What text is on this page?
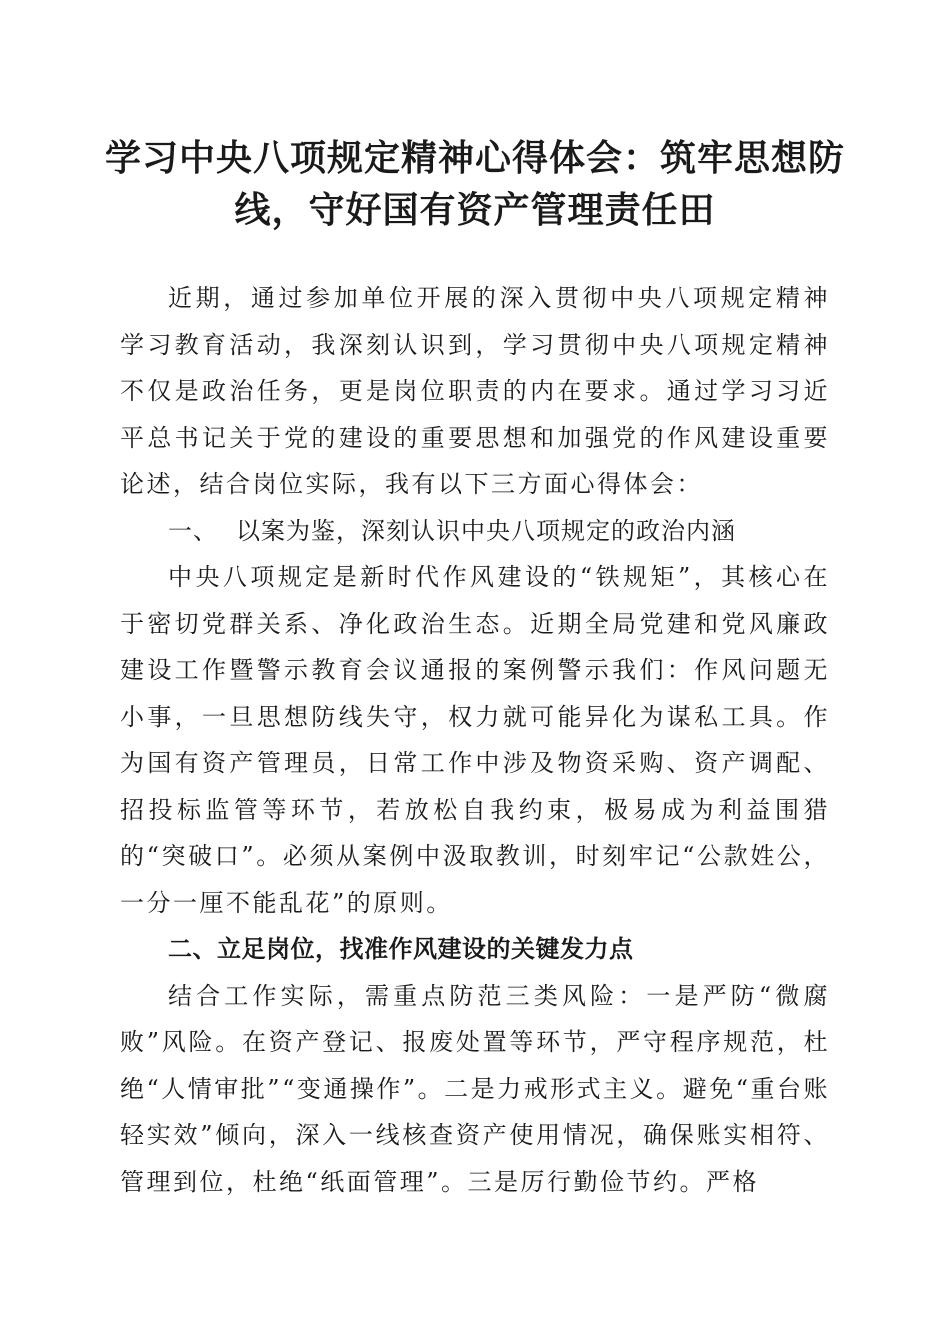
学习中央八项规定精神心得体会：筑牢思想防
线，守好国有资产管理责任田

近期，通过参加单位开展的深入贯彻中央八项规定精神学习教育活动，我深刻认识到，学习贯彻中央八项规定精神不仅是政治任务，更是岗位职责的内在要求。通过学习习近平总书记关于党的建设的重要思想和加强党的作风建设重要论述，结合岗位实际，我有以下三方面心得体会：

一、 以案为鉴，深刻认识中央八项规定的政治内涵

中央八项规定是新时代作风建设的“铁规矩”，其核心在于密切党群关系、净化政治生态。近期全局党建和党风廉政建设工作暨警示教育会议通报的案例警示我们：作风问题无小事，一旦思想防线失守，权力就可能异化为谋私工具。作为国有资产管理员，日常工作中涉及物资采购、资产调配、招投标监管等环节，若放松自我约束，极易成为利益围猎的“突破口”。必须从案例中汲取教训，时刻牢记“公款姓公，一分一厘不能乱花”的原则。

二、立足岗位，找准作风建设的关键发力点

结合工作实际，需重点防范三类风险：一是严防“微腐败”风险。在资产登记、报废处置等环节，严守程序规范，杜绝“人情审批”“变通操作”。二是力戒形式主义。避免“重台账轻实效”倾向，深入一线核查资产使用情况，确保账实相符、管理到位，杜绝“纸面管理”。三是厉行勤俭节约。严格
